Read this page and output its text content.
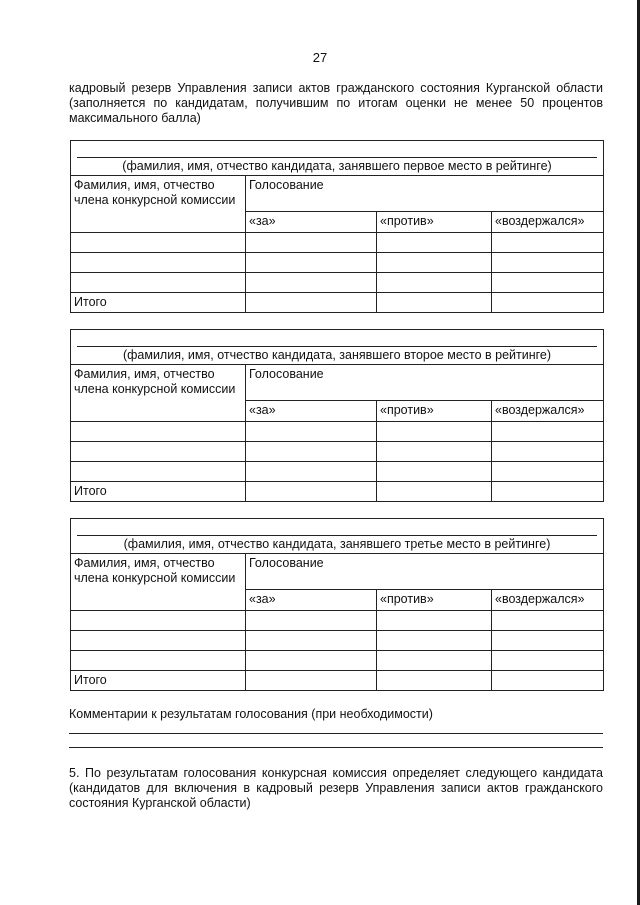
27

кадровый резерв Управления записи актов гражданского состояния Курганской области (заполняется по кандидатам, получившим по итогам оценки не менее 50 процентов максимального балла)

(фамилия, имя, отчество кандидата, занявшего первое место в рейтинге)			

Фамилия, имя, отчество члена конкурсной комиссии	Голосование		
	«за»	«против»	«воздержался»

Итого			
(фамилия, имя, отчество кандидата, занявшего второе место в рейтинге)			

Фамилия, имя, отчество члена конкурсной комиссии	Голосование		
	«за»	«против»	«воздержался»

Итого			
(фамилия, имя, отчество кандидата, занявшего третье место в рейтинге)			

Фамилия, имя, отчество члена конкурсной комиссии	Голосование		
	«за»	«против»	«воздержался»

Итого			
Комментарии к результатам голосования (при необходимости)

5. По результатам голосования конкурсная комиссия определяет следующего кандидата (кандидатов для включения в кадровый резерв Управления записи актов гражданского состояния Курганской области)
